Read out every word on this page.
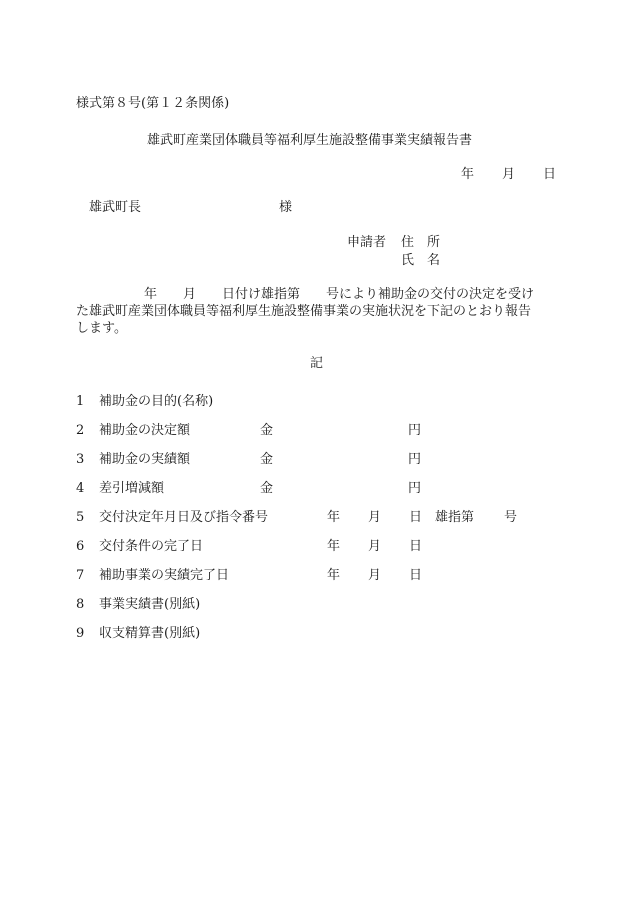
様式第８号(第１２条関係)
雄武町産業団体職員等福利厚生施設整備事業実績報告書
年 月 日
雄武町長	様
申請者 住　所
氏　名
年　　月　　日付け雄指第　　号により補助金の交付の決定を受け
た雄武町産業団体職員等福利厚生施設整備事業の実施状況を下記のとおり報告
します。
記
1 補助金の目的(名称)
2 補助金の決定額	金	円
3 補助金の実績額	金	円
4 差引増減額	金	円
5 交付決定年月日及び指令番号	年 月 日 雄指第 号
6 交付条件の完了日	年 月 日
7 補助事業の実績完了日	年 月 日
8 事業実績書(別紙)
9 収支精算書(別紙)
